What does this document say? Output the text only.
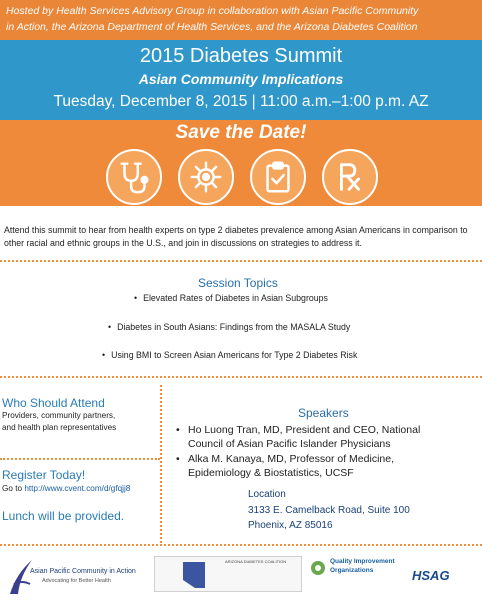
Hosted by Health Services Advisory Group in collaboration with Asian Pacific Community

in Action, the Arizona Department of Health Services, and the Arizona Diabetes Coalition

2015 Diabetes Summit
Asian Community Implications
Tuesday, December 8, 2015 | 11:00 a.m.–1:00 p.m. AZ
Save the Date!

Attend this summit to hear from health experts on type 2 diabetes prevalence among Asian Americans in comparison to other racial and ethnic groups in the U.S., and join in discussions on strategies to address it.

Session Topics
• Elevated Rates of Diabetes in Asian Subgroups
• Diabetes in South Asians: Findings from the MASALA Study
• Using BMI to Screen Asian Americans for Type 2 Diabetes Risk
Who Should Attend
Providers, community partners,
and health plan representatives
Register Today!
Go to http://www.cvent.com/d/gfqjj8
Lunch will be provided.
Speakers
• Ho Luong Tran, MD, President and CEO, National
Council of Asian Pacific Islander Physicians
• Alka M. Kanaya, MD, Professor of Medicine,
Epidemiology & Biostatistics, UCSF
Location
3133 E. Camelback Road, Suite 100
Phoenix, AZ 85016
Asian Pacific Community in Action
Advocating for Better Health
ARIZONA DIABETES COALITION	Quality Improvement
Organizations	HSAG
